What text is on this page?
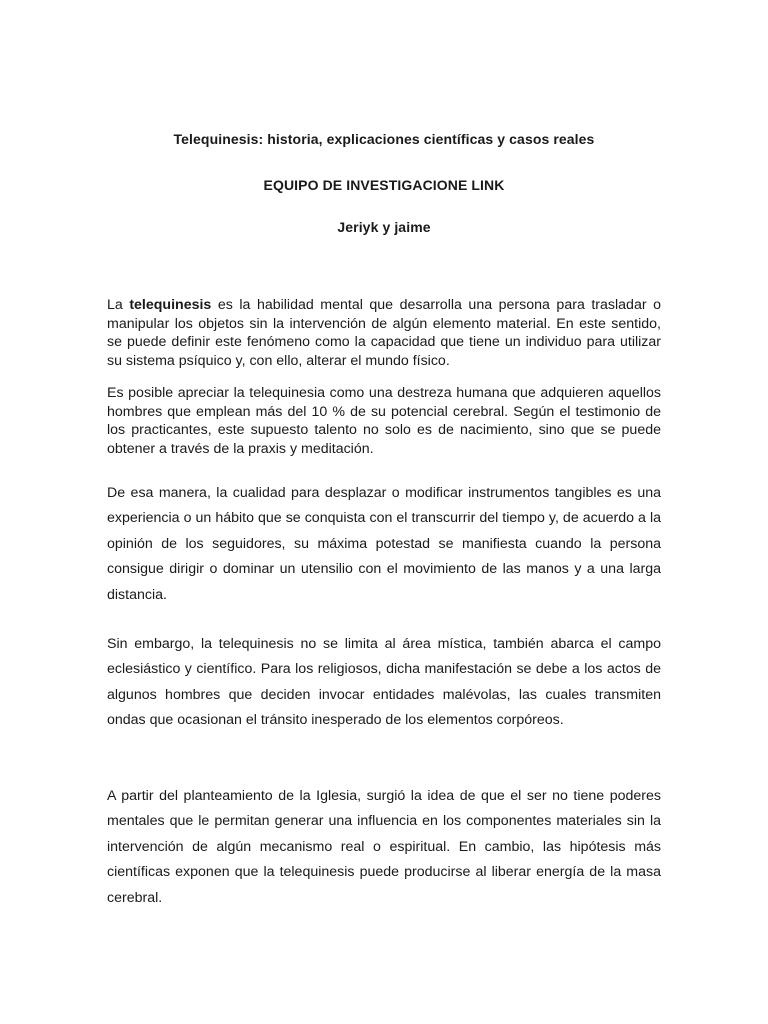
Telequinesis: historia, explicaciones científicas y casos reales
EQUIPO DE INVESTIGACIONE LINK
Jeriyk y jaime

La telequinesis es la habilidad mental que desarrolla una persona para trasladar o manipular los objetos sin la intervención de algún elemento material. En este sentido, se puede definir este fenómeno como la capacidad que tiene un individuo para utilizar su sistema psíquico y, con ello, alterar el mundo físico.

Es posible apreciar la telequinesia como una destreza humana que adquieren aquellos hombres que emplean más del 10 % de su potencial cerebral. Según el testimonio de los practicantes, este supuesto talento no solo es de nacimiento, sino que se puede obtener a través de la praxis y meditación.

De esa manera, la cualidad para desplazar o modificar instrumentos tangibles es una experiencia o un hábito que se conquista con el transcurrir del tiempo y, de acuerdo a la opinión de los seguidores, su máxima potestad se manifiesta cuando la persona consigue dirigir o dominar un utensilio con el movimiento de las manos y a una larga distancia.

Sin embargo, la telequinesis no se limita al área mística, también abarca el campo eclesiástico y científico. Para los religiosos, dicha manifestación se debe a los actos de algunos hombres que deciden invocar entidades malévolas, las cuales transmiten ondas que ocasionan el tránsito inesperado de los elementos corpóreos.

A partir del planteamiento de la Iglesia, surgió la idea de que el ser no tiene poderes mentales que le permitan generar una influencia en los componentes materiales sin la intervención de algún mecanismo real o espiritual. En cambio, las hipótesis más científicas exponen que la telequinesis puede producirse al liberar energía de la masa cerebral.
